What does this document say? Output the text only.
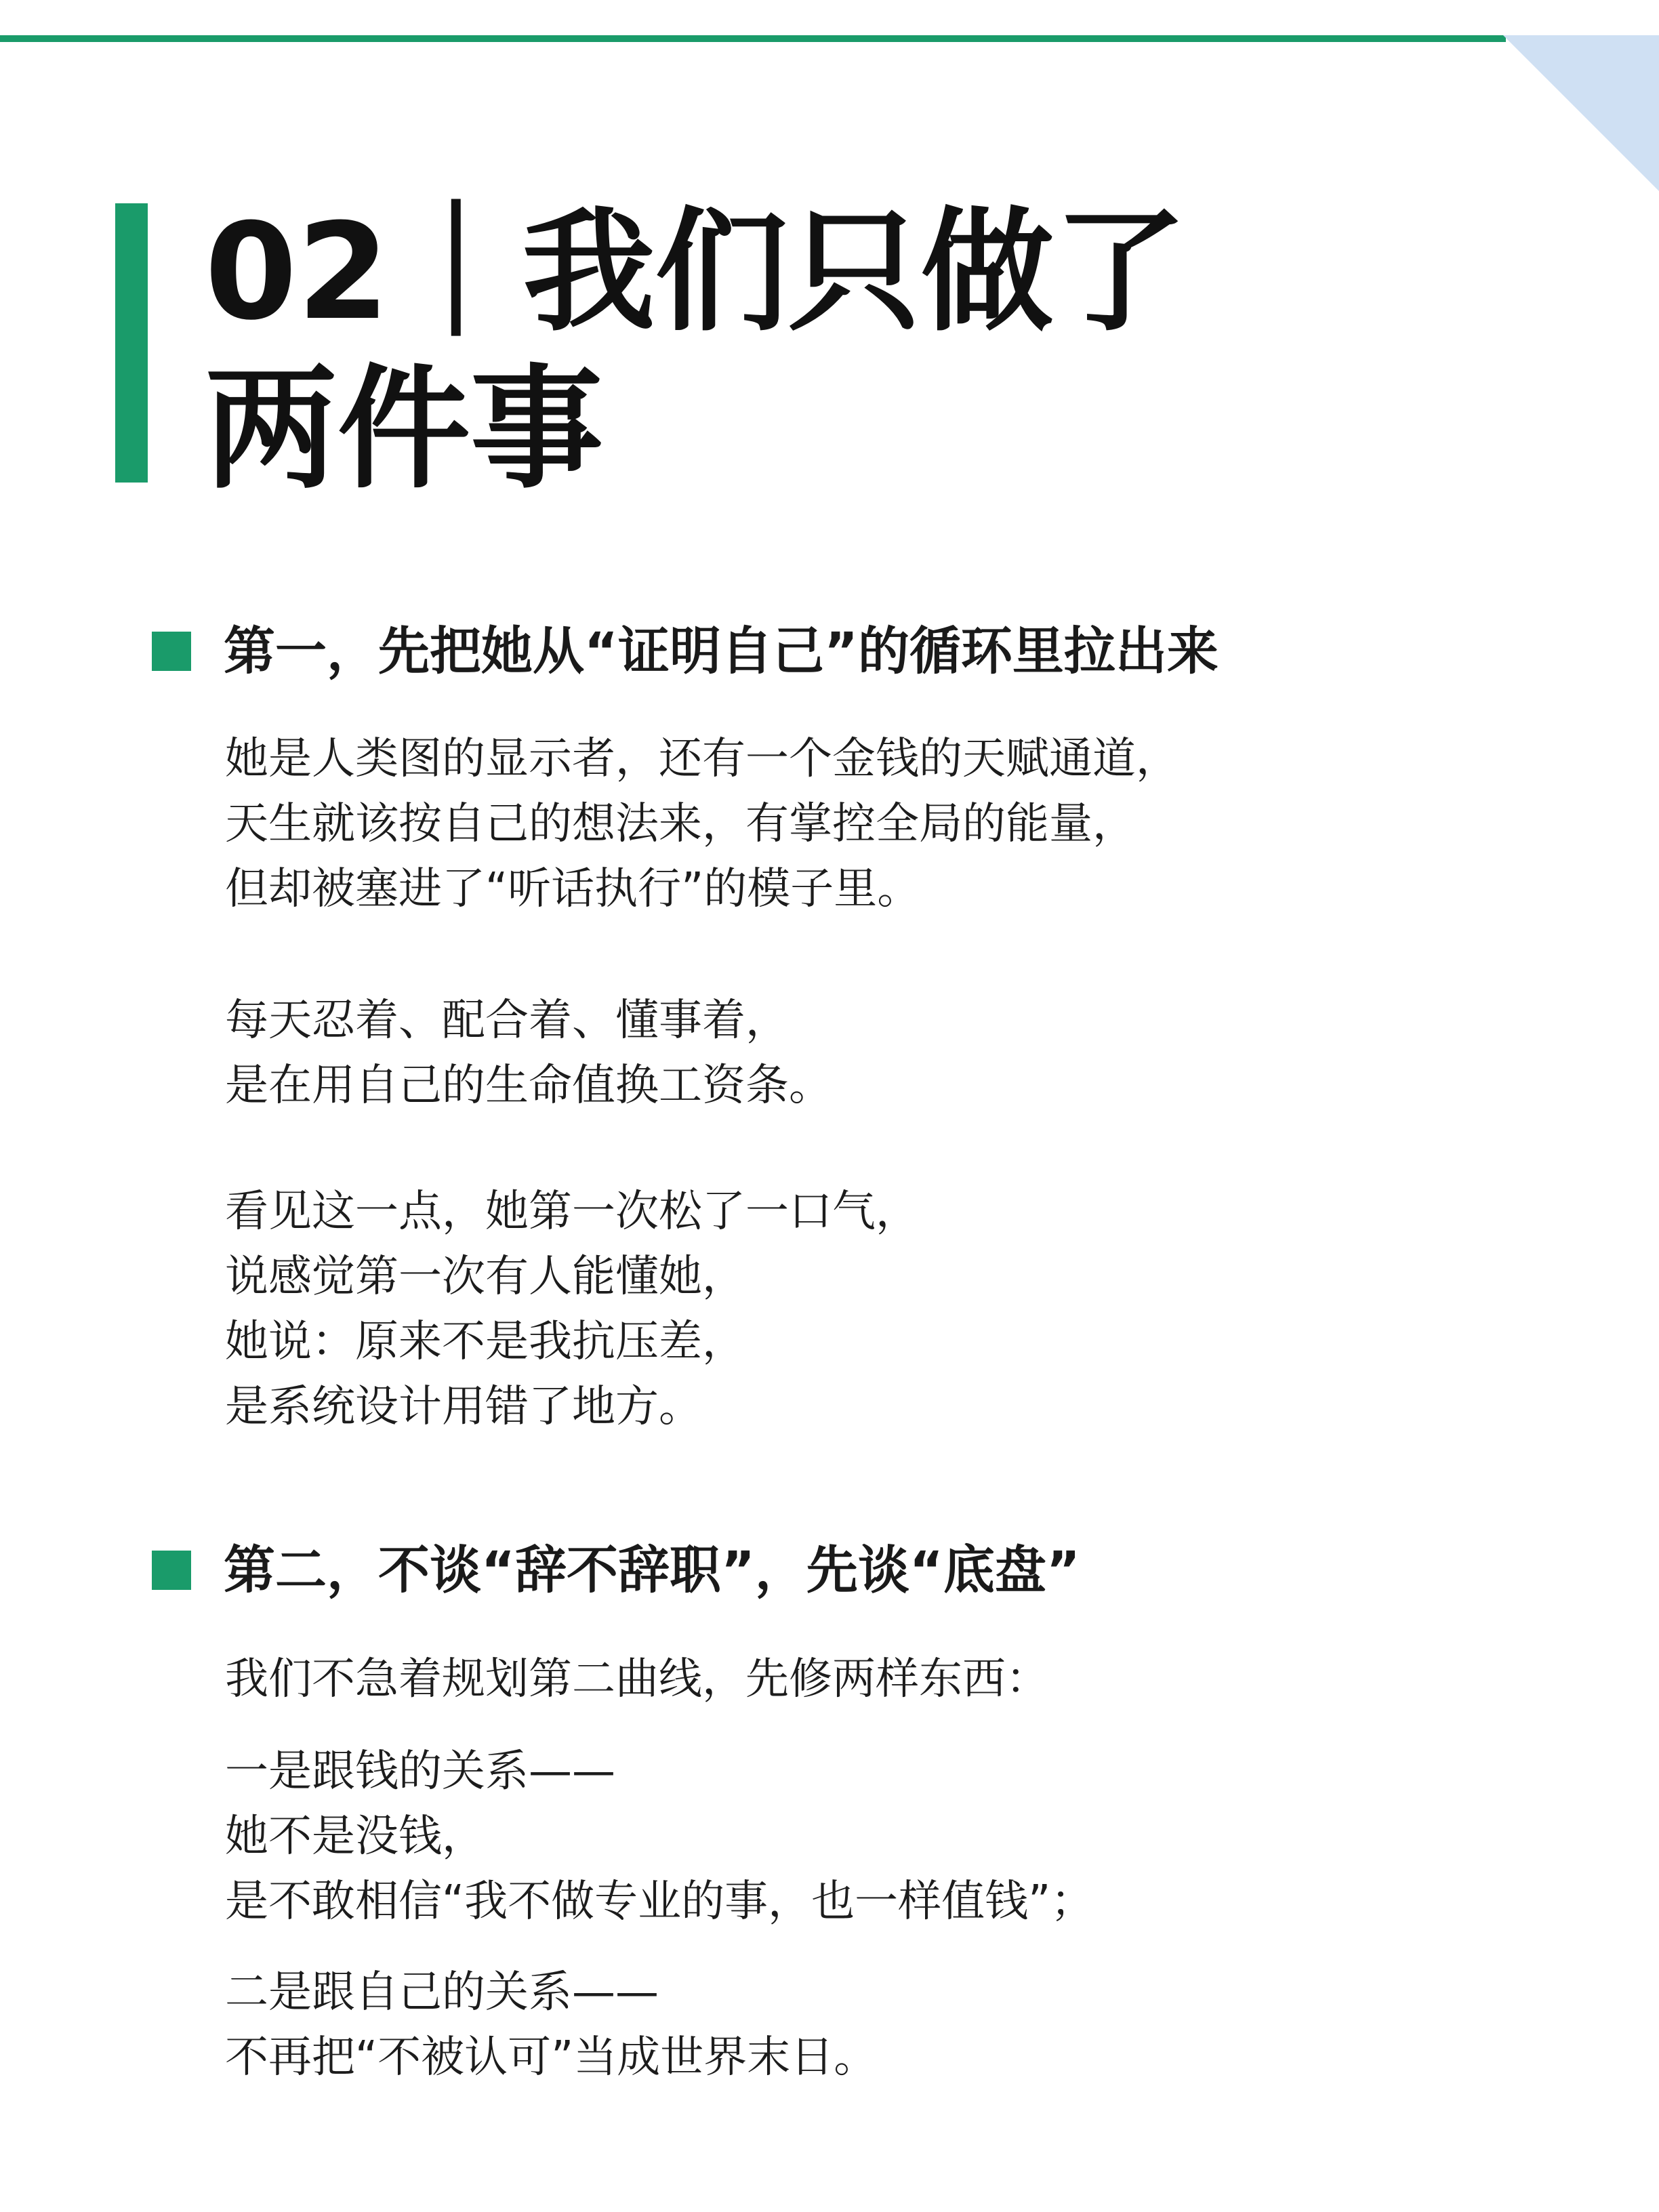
02｜我们只做了
两件事
第一，先把她从“证明自己”的循环里拉出来
她是人类图的显示者，还有一个金钱的天赋通道，
天生就该按自己的想法来，有掌控全局的能量，
但却被塞进了“听话执行”的模子里。
每天忍着、配合着、懂事着，
是在用自己的生命值换工资条。
看见这一点，她第一次松了一口气，
说感觉第一次有人能懂她，
她说：原来不是我抗压差，
是系统设计用错了地方。
第二，不谈“辞不辞职”，先谈“底盘”
我们不急着规划第二曲线，先修两样东西：
一是跟钱的关系——
她不是没钱，
是不敢相信“我不做专业的事，也一样值钱”；
二是跟自己的关系——
不再把“不被认可”当成世界末日。
